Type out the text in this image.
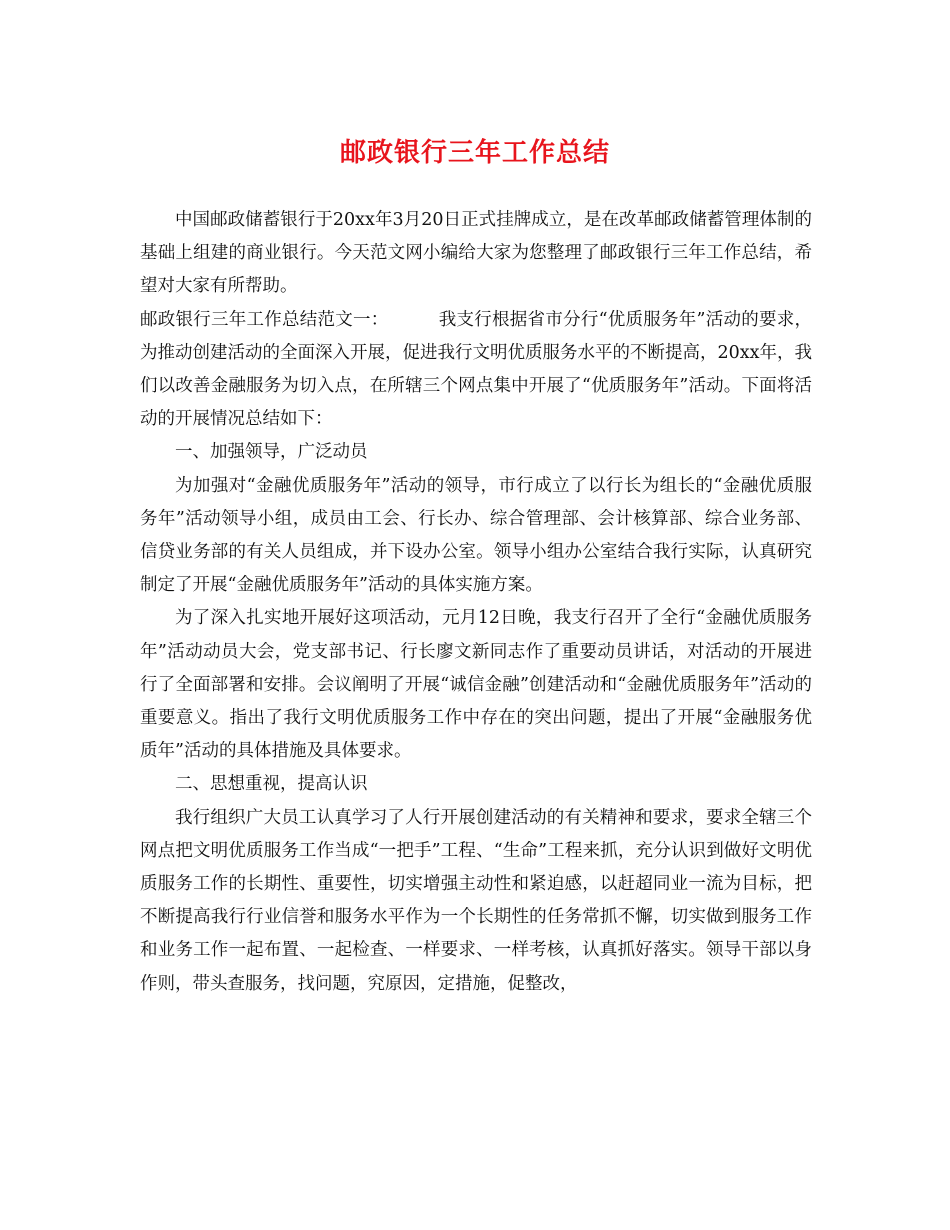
邮政银行三年工作总结

中国邮政储蓄银行于20xx年3月20日正式挂牌成立，是在改革邮政储蓄管理体制的基础上组建的商业银行。今天范文网小编给大家为您整理了邮政银行三年工作总结，希望对大家有所帮助。

邮政银行三年工作总结范文一：	我支行根据省市分行“优质服务年”活动的要求，为推动创建活动的全面深入开展，促进我行文明优质服务水平的不断提高，20xx年，我们以改善金融服务为切入点，在所辖三个网点集中开展了“优质服务年”活动。下面将活动的开展情况总结如下：

一、加强领导，广泛动员

为加强对“金融优质服务年”活动的领导，市行成立了以行长为组长的“金融优质服务年”活动领导小组，成员由工会、行长办、综合管理部、会计核算部、综合业务部、信贷业务部的有关人员组成，并下设办公室。领导小组办公室结合我行实际，认真研究制定了开展“金融优质服务年”活动的具体实施方案。

为了深入扎实地开展好这项活动，元月12日晚，我支行召开了全行“金融优质服务年”活动动员大会，党支部书记、行长廖文新同志作了重要动员讲话，对活动的开展进行了全面部署和安排。会议阐明了开展“诚信金融”创建活动和“金融优质服务年”活动的重要意义。指出了我行文明优质服务工作中存在的突出问题，提出了开展“金融服务优质年”活动的具体措施及具体要求。

二、思想重视，提高认识

我行组织广大员工认真学习了人行开展创建活动的有关精神和要求，要求全辖三个网点把文明优质服务工作当成“一把手”工程、“生命”工程来抓，充分认识到做好文明优质服务工作的长期性、重要性，切实增强主动性和紧迫感，以赶超同业一流为目标，把不断提高我行行业信誉和服务水平作为一个长期性的任务常抓不懈，切实做到服务工作和业务工作一起布置、一起检查、一样要求、一样考核，认真抓好落实。领导干部以身作则，带头查服务，找问题，究原因，定措施，促整改，
